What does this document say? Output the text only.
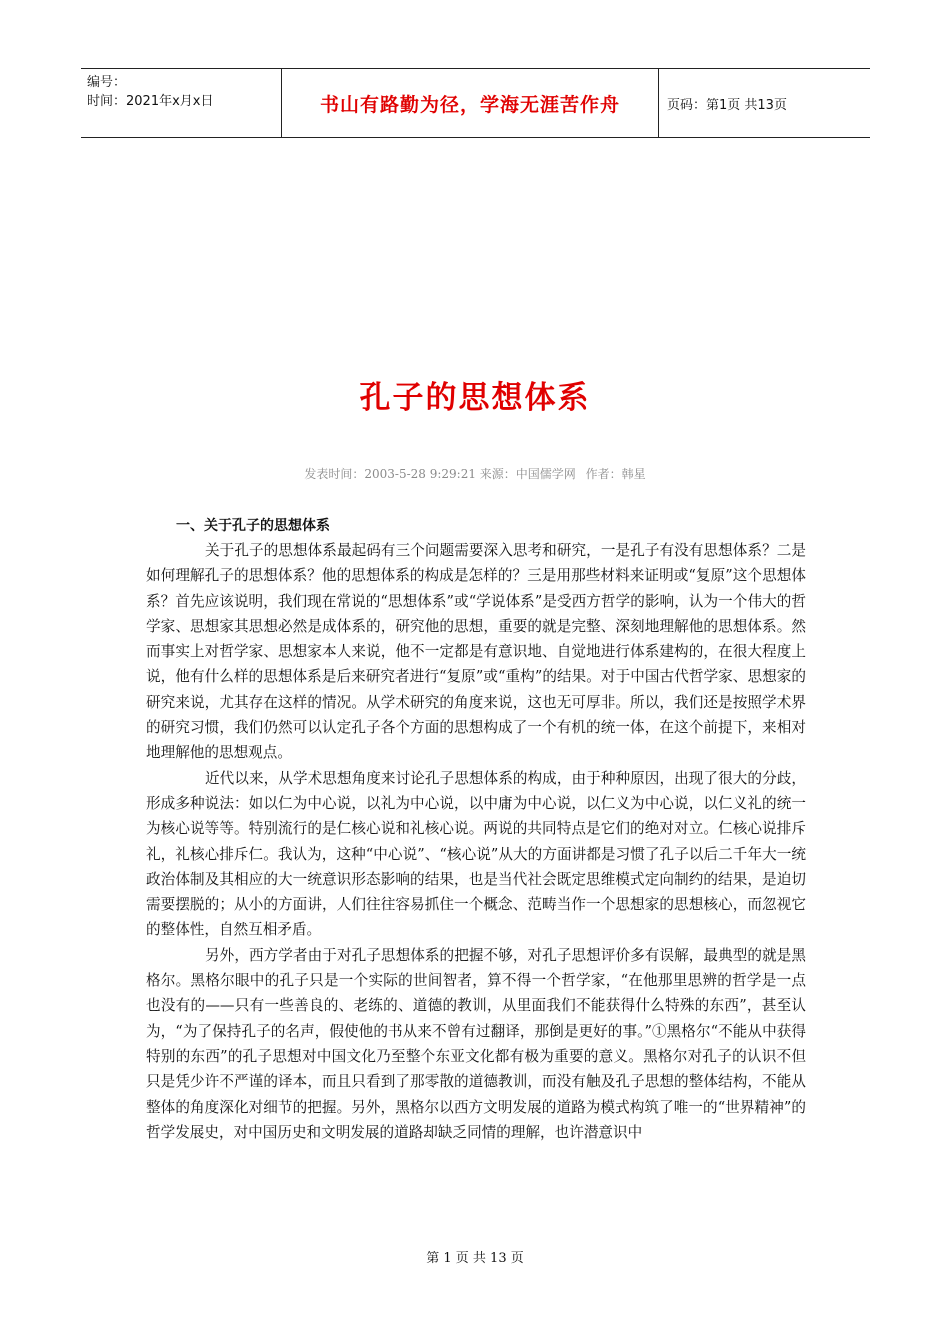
编号：
时间：2021年x月x日	书山有路勤为径，学海无涯苦作舟	页码：第1页 共13页
孔子的思想体系
发表时间：2003-5-28 9:29:21 来源：中国儒学网 作者：韩星
一、关于孔子的思想体系

关于孔子的思想体系最起码有三个问题需要深入思考和研究，一是孔子有没有思想体系？二是如何理解孔子的思想体系？他的思想体系的构成是怎样的？三是用那些材料来证明或“复原”这个思想体系？首先应该说明，我们现在常说的“思想体系”或“学说体系”是受西方哲学的影响，认为一个伟大的哲学家、思想家其思想必然是成体系的，研究他的思想，重要的就是完整、深刻地理解他的思想体系。然而事实上对哲学家、思想家本人来说，他不一定都是有意识地、自觉地进行体系建构的，在很大程度上说，他有什么样的思想体系是后来研究者进行“复原”或“重构”的结果。对于中国古代哲学家、思想家的研究来说，尤其存在这样的情况。从学术研究的角度来说，这也无可厚非。所以，我们还是按照学术界的研究习惯，我们仍然可以认定孔子各个方面的思想构成了一个有机的统一体，在这个前提下，来相对地理解他的思想观点。

近代以来，从学术思想角度来讨论孔子思想体系的构成，由于种种原因，出现了很大的分歧，形成多种说法：如以仁为中心说，以礼为中心说，以中庸为中心说，以仁义为中心说，以仁义礼的统一为核心说等等。特别流行的是仁核心说和礼核心说。两说的共同特点是它们的绝对对立。仁核心说排斥礼，礼核心排斥仁。我认为，这种“中心说”、“核心说”从大的方面讲都是习惯了孔子以后二千年大一统政治体制及其相应的大一统意识形态影响的结果，也是当代社会既定思维模式定向制约的结果，是迫切需要摆脱的；从小的方面讲，人们往往容易抓住一个概念、范畴当作一个思想家的思想核心，而忽视它的整体性，自然互相矛盾。

另外，西方学者由于对孔子思想体系的把握不够，对孔子思想评价多有误解，最典型的就是黑格尔。黑格尔眼中的孔子只是一个实际的世间智者，算不得一个哲学家，“在他那里思辨的哲学是一点也没有的——只有一些善良的、老练的、道德的教训，从里面我们不能获得什么特殊的东西”，甚至认为，“为了保持孔子的名声，假使他的书从来不曾有过翻译，那倒是更好的事。”①黑格尔“不能从中获得特别的东西”的孔子思想对中国文化乃至整个东亚文化都有极为重要的意义。黑格尔对孔子的认识不但只是凭少许不严谨的译本，而且只看到了那零散的道德教训，而没有触及孔子思想的整体结构，不能从整体的角度深化对细节的把握。另外，黑格尔以西方文明发展的道路为模式构筑了唯一的“世界精神”的哲学发展史，对中国历史和文明发展的道路却缺乏同情的理解，也许潜意识中

第 1 页 共 13 页
